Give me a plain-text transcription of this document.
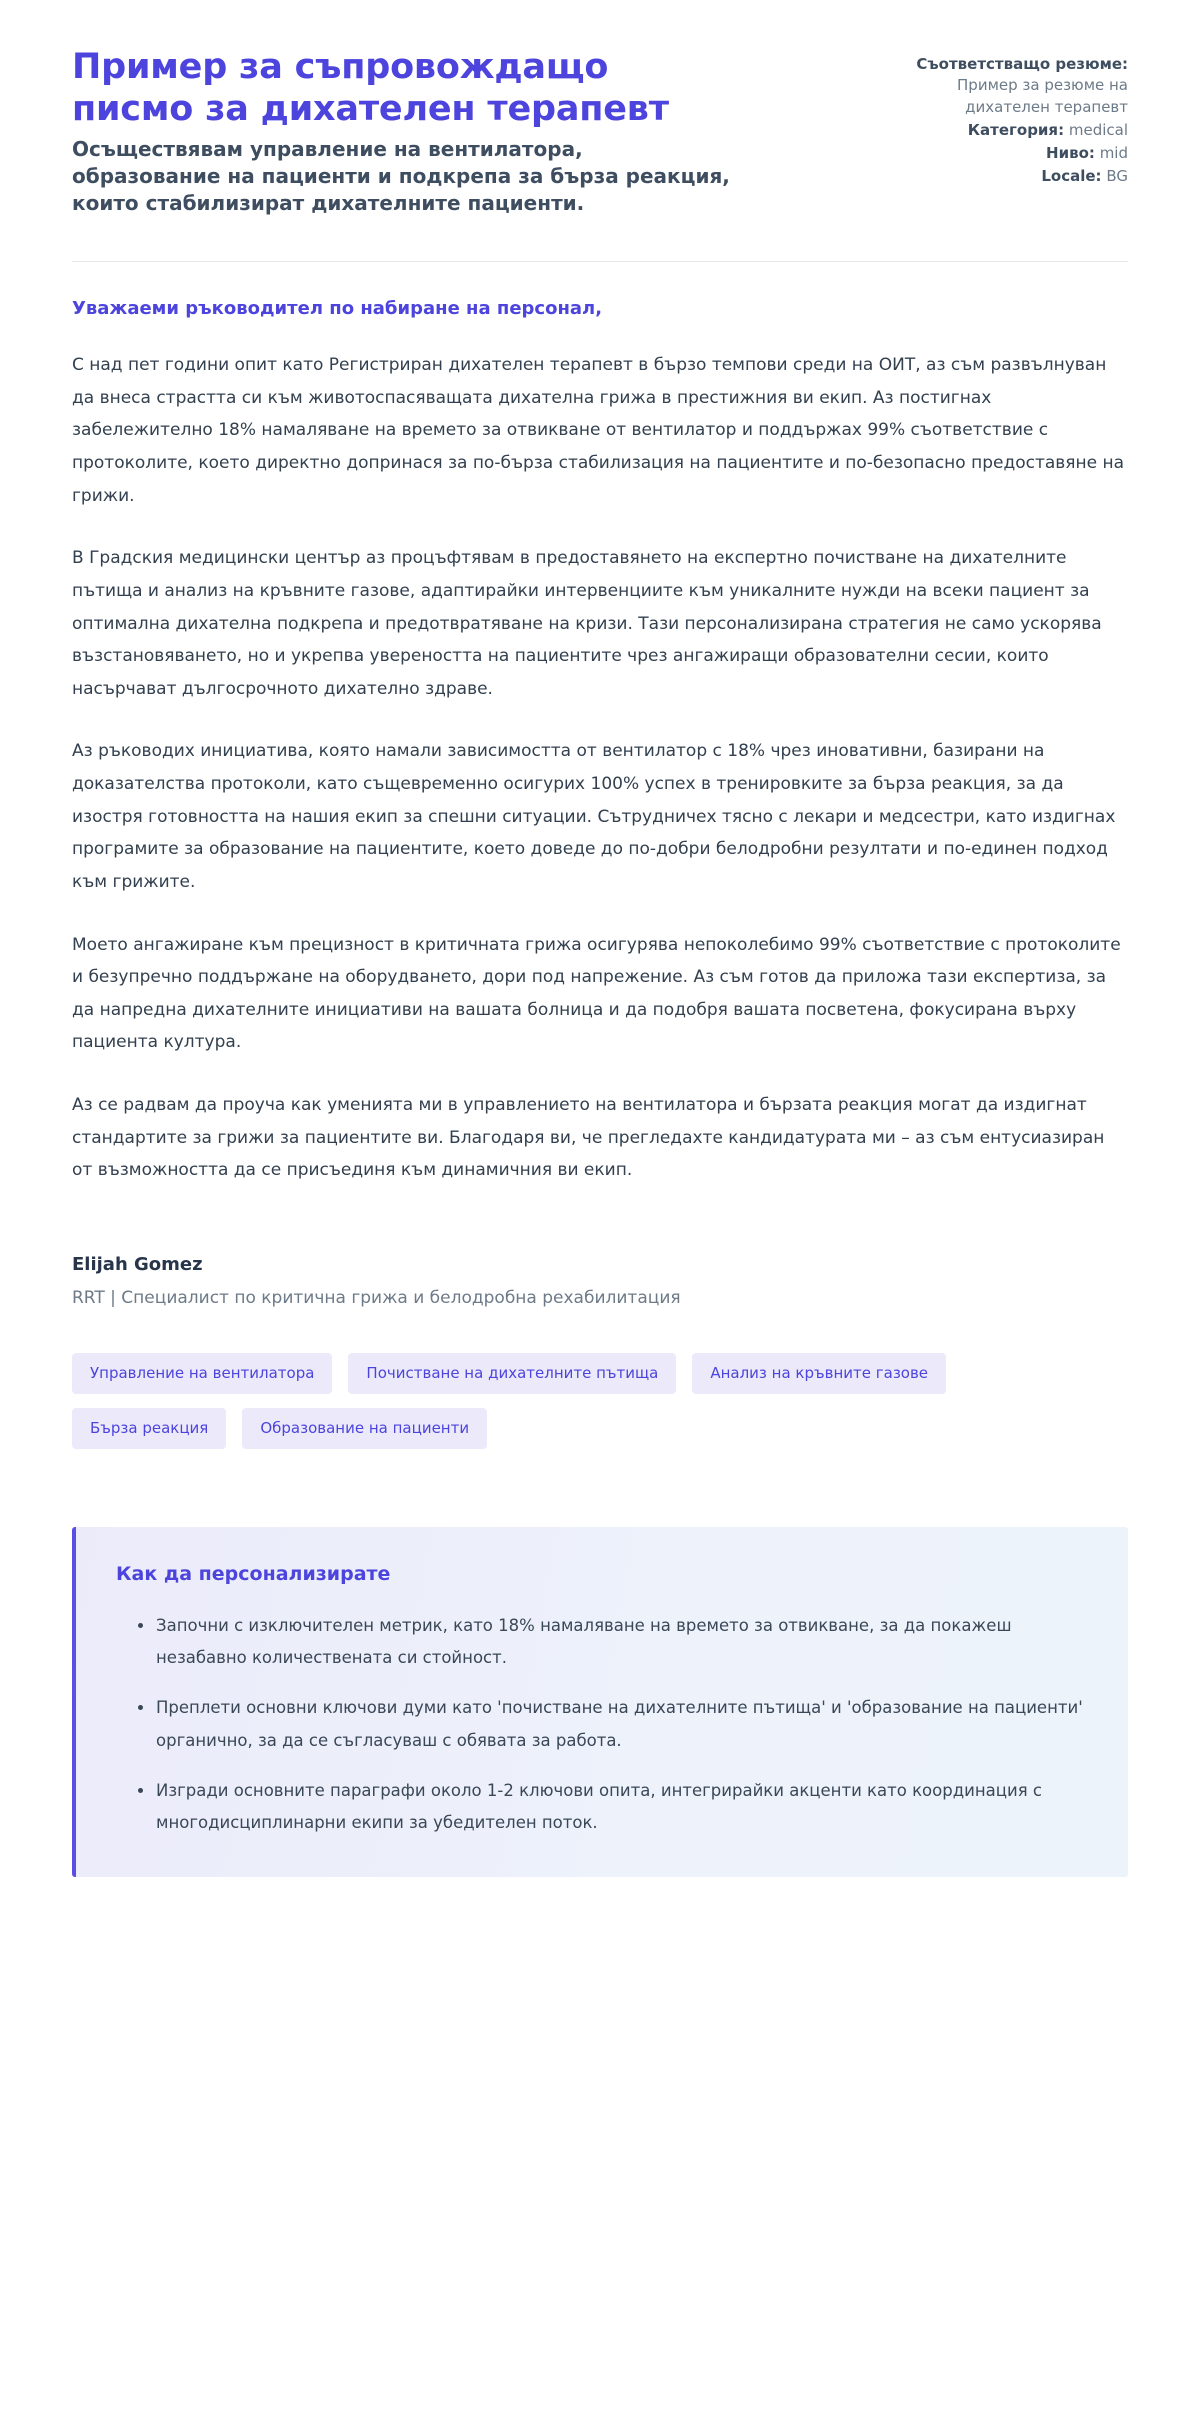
Пример за съпровождащо писмо за дихателен терапевт

Осъществявам управление на вентилатора, образование на пациенти и подкрепа за бърза реакция, които стабилизират дихателните пациенти.

Съответстващо резюме: Пример за резюме на дихателен терапевт
Категория: medical
Ниво: mid
Locale: BG

Уважаеми ръководител по набиране на персонал,

С над пет години опит като Регистриран дихателен терапевт в бързо темпови среди на ОИТ, аз съм развълнуван да внеса страстта си към животоспасяващата дихателна грижа в престижния ви екип. Аз постигнах забележително 18% намаляване на времето за отвикване от вентилатор и поддържах 99% съответствие с протоколите, което директно допринася за по-бърза стабилизация на пациентите и по-безопасно предоставяне на грижи.

В Градския медицински център аз процъфтявам в предоставянето на експертно почистване на дихателните пътища и анализ на кръвните газове, адаптирайки интервенциите към уникалните нужди на всеки пациент за оптимална дихателна подкрепа и предотвратяване на кризи. Тази персонализирана стратегия не само ускорява възстановяването, но и укрепва увереността на пациентите чрез ангажиращи образователни сесии, които насърчават дългосрочното дихателно здраве.

Аз ръководих инициатива, която намали зависимостта от вентилатор с 18% чрез иновативни, базирани на доказателства протоколи, като същевременно осигурих 100% успех в тренировките за бърза реакция, за да изостря готовността на нашия екип за спешни ситуации. Сътрудничех тясно с лекари и медсестри, като издигнах програмите за образование на пациентите, което доведе до по-добри белодробни резултати и по-единен подход към грижите.

Моето ангажиране към прецизност в критичната грижа осигурява непоколебимо 99% съответствие с протоколите и безупречно поддържане на оборудването, дори под напрежение. Аз съм готов да приложа тази експертиза, за да напредна дихателните инициативи на вашата болница и да подобря вашата посветена, фокусирана върху пациента култура.

Аз се радвам да проуча как уменията ми в управлението на вентилатора и бързата реакция могат да издигнат стандартите за грижи за пациентите ви. Благодаря ви, че прегледахте кандидатурата ми – аз съм ентусиазиран от възможността да се присъединя към динамичния ви екип.

Elijah Gomez

RRT | Специалист по критична грижа и белодробна рехабилитация

Управление на вентилатора	Почистване на дихателните пътища	Анализ на кръвните газове
Бърза реакция	Образование на пациенти
Как да персонализирате
Започни с изключителен метрик, като 18% намаляване на времето за отвикване, за да покажеш незабавно количествената си стойност.
Преплети основни ключови думи като 'почистване на дихателните пътища' и 'образование на пациенти' органично, за да се съгласуваш с обявата за работа.
Изгради основните параграфи около 1-2 ключови опита, интегрирайки акценти като координация с многодисциплинарни екипи за убедителен поток.
